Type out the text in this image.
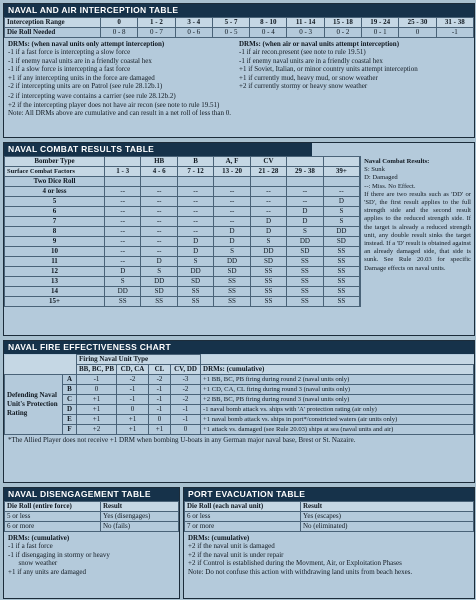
NAVAL AND AIR INTERCEPTION TABLE
Interception Range	0	1 - 2	3 - 4	5 - 7	8 - 10	11 - 14	15 - 18	19 - 24	25 - 30	31 - 38
Die Roll Needed	0 - 8	0 - 7	0 - 6	0 - 5	0 - 4	0 - 3	0 - 2	0 - 1	0	-1
DRMs: (when naval units only attempt interception)
-1 if a fast force is intercepting a slow force
-1 if enemy naval units are in a friendly coastal hex
-1 if a slow force is intercepting a fast force
+1 if any intercepting units in the force are damaged
-2 if intercepting units are on Patrol (see rule 28.12b.1)
DRMs: (when air or naval units attempt interception)
-1 if air recon.present (see note to rule 19.51)
-1 if enemy naval units are in a friendly coastal hex
+1 if Soviet, Italian, or minor country units attempt interception
+1 if currently mud, heavy mud, or snow weather
+2 if currently stormy or heavy snow weather
-2 if intercepting wave contains a carrier (see rule 28.12b.2)
+2 if the intercepting player does not have air recon (see note to rule 19.51)
Note: All DRMs above are cumulative and can result in a net roll of less than 0.
NAVAL COMBAT RESULTS TABLE
Bomber Type		HB	B	A, F	CV		
Surface Combat Factors	1 - 3	4 - 6	7 - 12	13 - 20	21 - 28	29 - 38	39+
Two Dice Roll							
4 or less	--	--	--	--	--	--	--
5	--	--	--	--	--	--	D
6	--	--	--	--	--	D	S
7	--	--	--	--	D	D	S
8	--	--	--	D	D	S	DD
9	--	--	D	D	S	DD	SD
10	--	--	D	S	DD	SD	SS
11	--	D	S	DD	SD	SS	SS
12	D	S	DD	SD	SS	SS	SS
13	S	DD	SD	SS	SS	SS	SS
14	DD	SD	SS	SS	SS	SS	SS
15+	SS	SS	SS	SS	SS	SS	SS
Naval Combat Results:
S: Sunk
D: Damaged
--: Miss. No Effect.
If there are two results such as 'DD' or 'SD', the first result applies to the full strength side and the second result applies to the reduced strength side. If the target is already a reduced strength unit, any double result sinks the target instead. If a 'D' result is obtained against an already damaged side, that side is sunk. See Rule 20.03 for specific Damage effects on naval units.
NAVAL FIRE EFFECTIVENESS CHART
		Firing Naval Unit Type				
		BB, BC, PB	CD, CA	CL	CV, DD	DRMs: (cumulative)
Defending Naval Unit's Protection Rating	A	-1	-2	-2	-3	+1 BB, BC, PB firing during round 2 (naval units only)
	B	0	-1	-1	-2	+1 CD, CA, CL firing during round 3 (naval units only)
	C	+1	-1	-1	-2	+2 BB, BC, PB firing during round 3 (naval units only)
	D	+1	0	-1	-1	-1 naval bomb attack vs. ships with 'A' protection rating (air only)
	E	+1	+1	0	-1	+1 naval bomb attack vs. ships in port*/constricted waters (air units only)
	F	+2	+1	+1	0	+1 attack vs. damaged (see Rule 20.03) ships at sea (naval units and air)
*The Allied Player does not receive +1 DRM when bombing U-boats in any German major naval base, Brest or St. Nazaire.
NAVAL DISENGAGEMENT TABLE
Die Roll (entire force)	Result
5 or less	Yes (disengages)
6 or more	No (fails)
DRMs: (cumulative)
-1 if a fast force
-1 if disengaging in stormy or heavy
snow weather
+1 if any units are damaged
PORT EVACUATION TABLE
Die Roll (each naval unit)	Result
6 or less	Yes (escapes)
7 or more	No (eliminated)
DRMs: (cumulative)
+2 if the naval unit is damaged
+2 if the naval unit is under repair
+2 if Control is established during the Movment, Air, or Exploitation Phases
Note: Do not confuse this action with withdrawing land units from beach hexes.
